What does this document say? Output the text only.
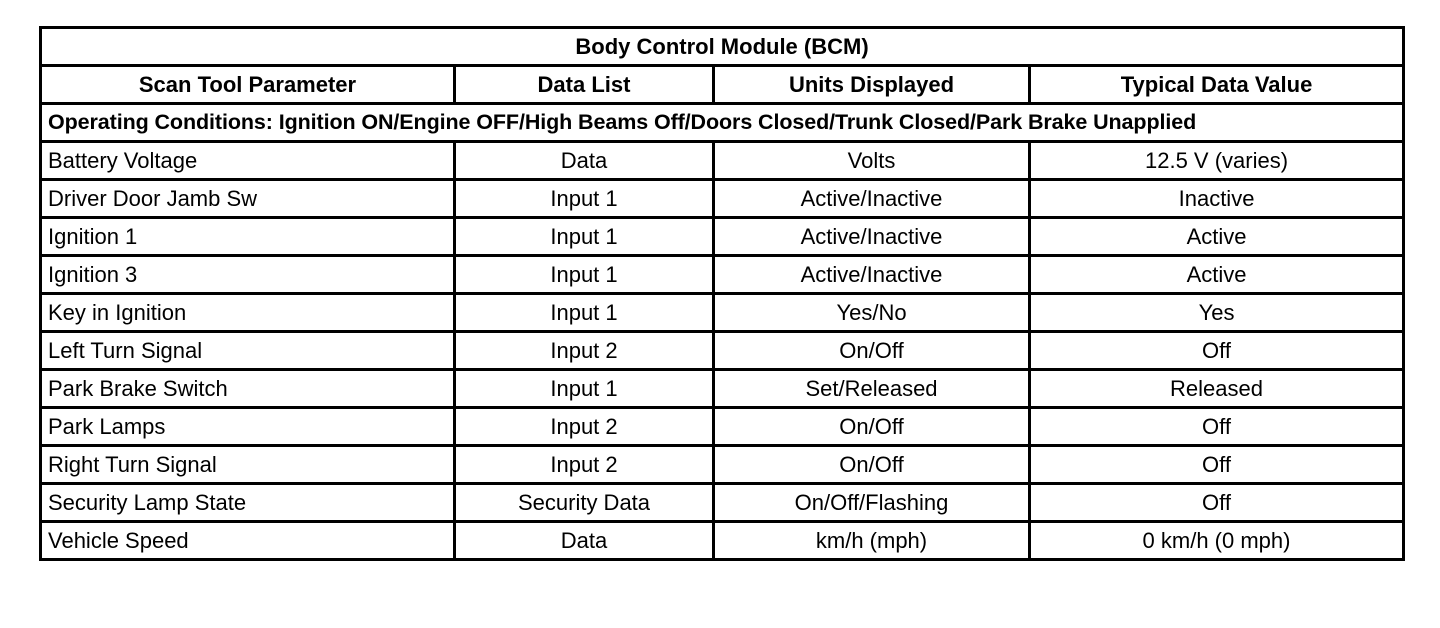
Body Control Module (BCM)			
Scan Tool Parameter	Data List	Units Displayed	Typical Data Value
Operating Conditions: Ignition ON/Engine OFF/High Beams Off/Doors Closed/Trunk Closed/Park Brake Unapplied			
Battery Voltage	Data	Volts	12.5 V (varies)
Driver Door Jamb Sw	Input 1	Active/Inactive	Inactive
Ignition 1	Input 1	Active/Inactive	Active
Ignition 3	Input 1	Active/Inactive	Active
Key in Ignition	Input 1	Yes/No	Yes
Left Turn Signal	Input 2	On/Off	Off
Park Brake Switch	Input 1	Set/Released	Released
Park Lamps	Input 2	On/Off	Off
Right Turn Signal	Input 2	On/Off	Off
Security Lamp State	Security Data	On/Off/Flashing	Off
Vehicle Speed	Data	km/h (mph)	0 km/h (0 mph)
